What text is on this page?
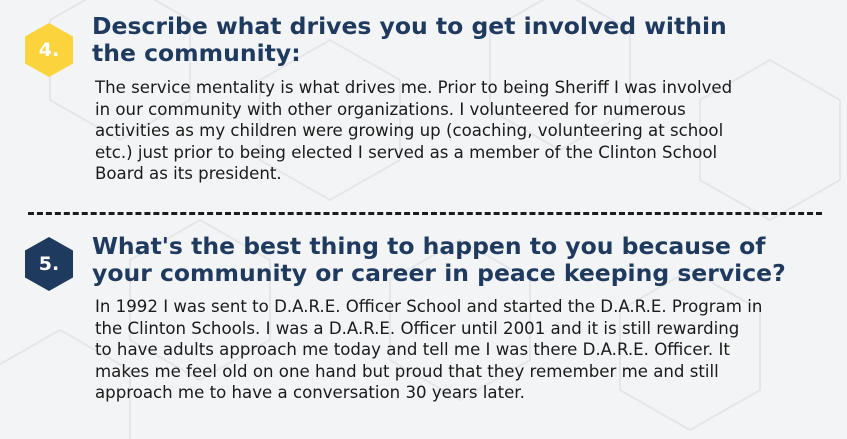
4.
Describe what drives you to get involved within
the community:
The service mentality is what drives me. Prior to being Sheriff I was involved
in our community with other organizations. I volunteered for numerous
activities as my children were growing up (coaching, volunteering at school
etc.) just prior to being elected I served as a member of the Clinton School
Board as its president.
5.
What's the best thing to happen to you because of
your community or career in peace keeping service?
In 1992 I was sent to D.A.R.E. Officer School and started the D.A.R.E. Program in
the Clinton Schools. I was a D.A.R.E. Officer until 2001 and it is still rewarding
to have adults approach me today and tell me I was there D.A.R.E. Officer. It
makes me feel old on one hand but proud that they remember me and still
approach me to have a conversation 30 years later.
